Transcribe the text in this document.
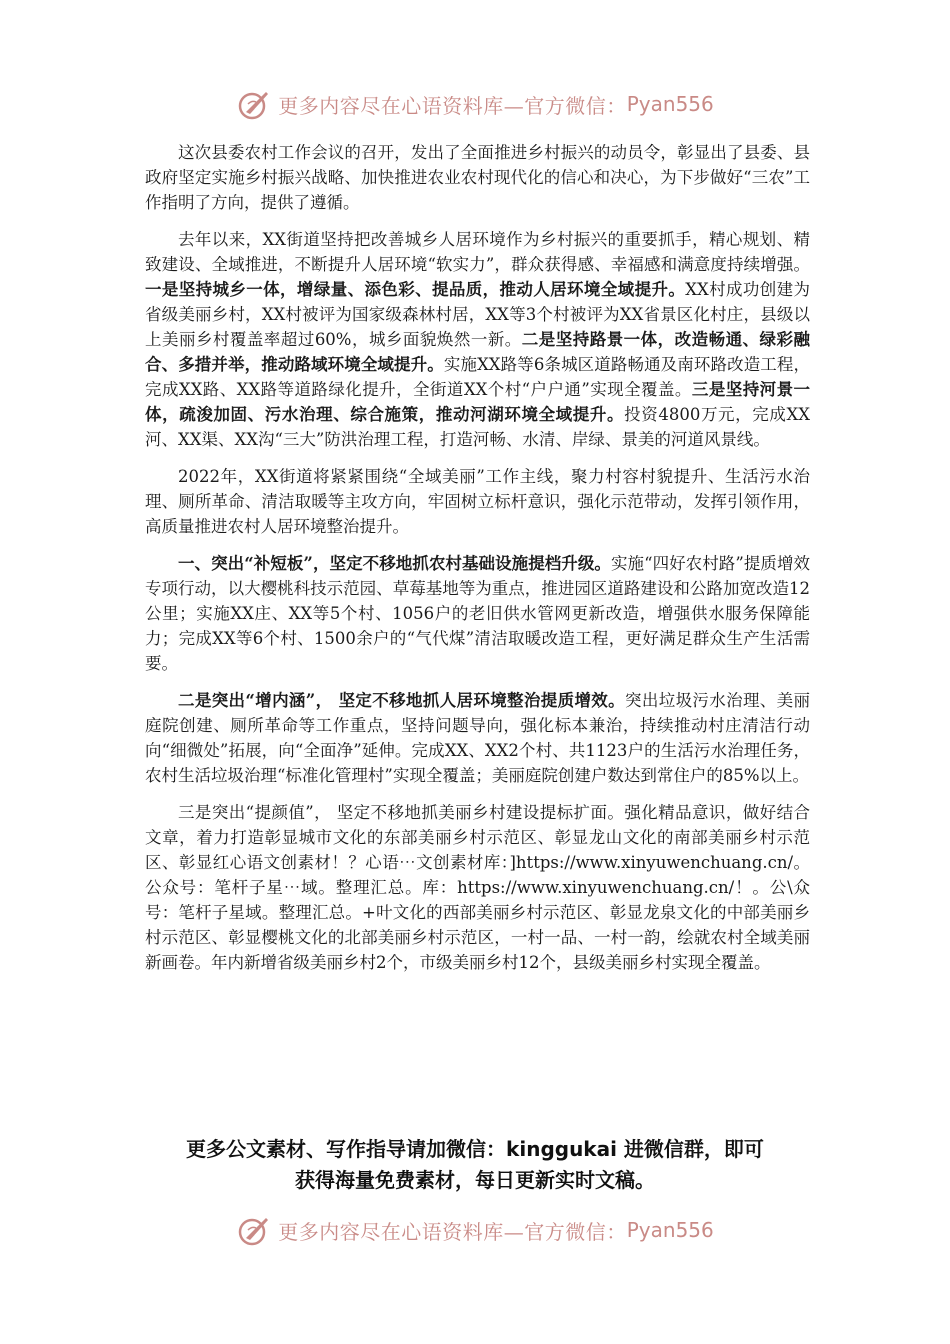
更多内容尽在心语资料库—官方微信： Pyan556

这次县委农村工作会议的召开，发出了全面推进乡村振兴的动员令，彰显出了县委、县政府坚定实施乡村振兴战略、加快推进农业农村现代化的信心和决心，为下步做好“三农”工作指明了方向，提供了遵循。

去年以来，XX街道坚持把改善城乡人居环境作为乡村振兴的重要抓手，精心规划、精致建设、全域推进，不断提升人居环境“软实力”，群众获得感、幸福感和满意度持续增强。一是坚持城乡一体，增绿量、添色彩、提品质，推动人居环境全域提升。XX村成功创建为省级美丽乡村，XX村被评为国家级森林村居，XX等3个村被评为XX省景区化村庄，县级以上美丽乡村覆盖率超过60%，城乡面貌焕然一新。二是坚持路景一体，改造畅通、绿彩融合、多措并举，推动路域环境全域提升。实施XX路等6条城区道路畅通及南环路改造工程，完成XX路、XX路等道路绿化提升，全街道XX个村“户户通”实现全覆盖。三是坚持河景一体，疏浚加固、污水治理、综合施策，推动河湖环境全域提升。投资4800万元，完成XX河、XX渠、XX沟“三大”防洪治理工程，打造河畅、水清、岸绿、景美的河道风景线。

2022年，XX街道将紧紧围绕“全域美丽”工作主线，聚力村容村貌提升、生活污水治理、厕所革命、清洁取暖等主攻方向，牢固树立标杆意识，强化示范带动，发挥引领作用，高质量推进农村人居环境整治提升。

一、突出“补短板”，坚定不移地抓农村基础设施提档升级。实施“四好农村路”提质增效专项行动，以大樱桃科技示范园、草莓基地等为重点，推进园区道路建设和公路加宽改造12公里；实施XX庄、XX等5个村、1056户的老旧供水管网更新改造，增强供水服务保障能力；完成XX等6个村、1500余户的“气代煤”清洁取暖改造工程，更好满足群众生产生活需要。

二是突出“增内涵”， 坚定不移地抓人居环境整治提质增效。突出垃圾污水治理、美丽庭院创建、厕所革命等工作重点，坚持问题导向，强化标本兼治，持续推动村庄清洁行动向“细微处”拓展，向“全面净”延伸。完成XX、XX2个村、共1123户的生活污水治理任务，农村生活垃圾治理“标准化管理村”实现全覆盖；美丽庭院创建户数达到常住户的85%以上。

三是突出“提颜值”， 坚定不移地抓美丽乡村建设提标扩面。强化精品意识，做好结合文章，着力打造彰显城市文化的东部美丽乡村示范区、彰显龙山文化的南部美丽乡村示范区、彰显红心语文创素材！？心语⋯文创素材库：]https://www.xinyuwenchuang.cn/。公众号：笔杆子星⋯域。整理汇总。库：https://www.xinyuwenchuang.cn/！。公\众号：笔杆子星域。整理汇总。+叶文化的西部美丽乡村示范区、彰显龙泉文化的中部美丽乡村示范区、彰显樱桃文化的北部美丽乡村示范区，一村一品、一村一韵，绘就农村全域美丽新画卷。年内新增省级美丽乡村2个，市级美丽乡村12个，县级美丽乡村实现全覆盖。

更多公文素材、写作指导请加微信：kinggukai 进微信群，即可
获得海量免费素材，每日更新实时文稿。
更多内容尽在心语资料库—官方微信： Pyan556
